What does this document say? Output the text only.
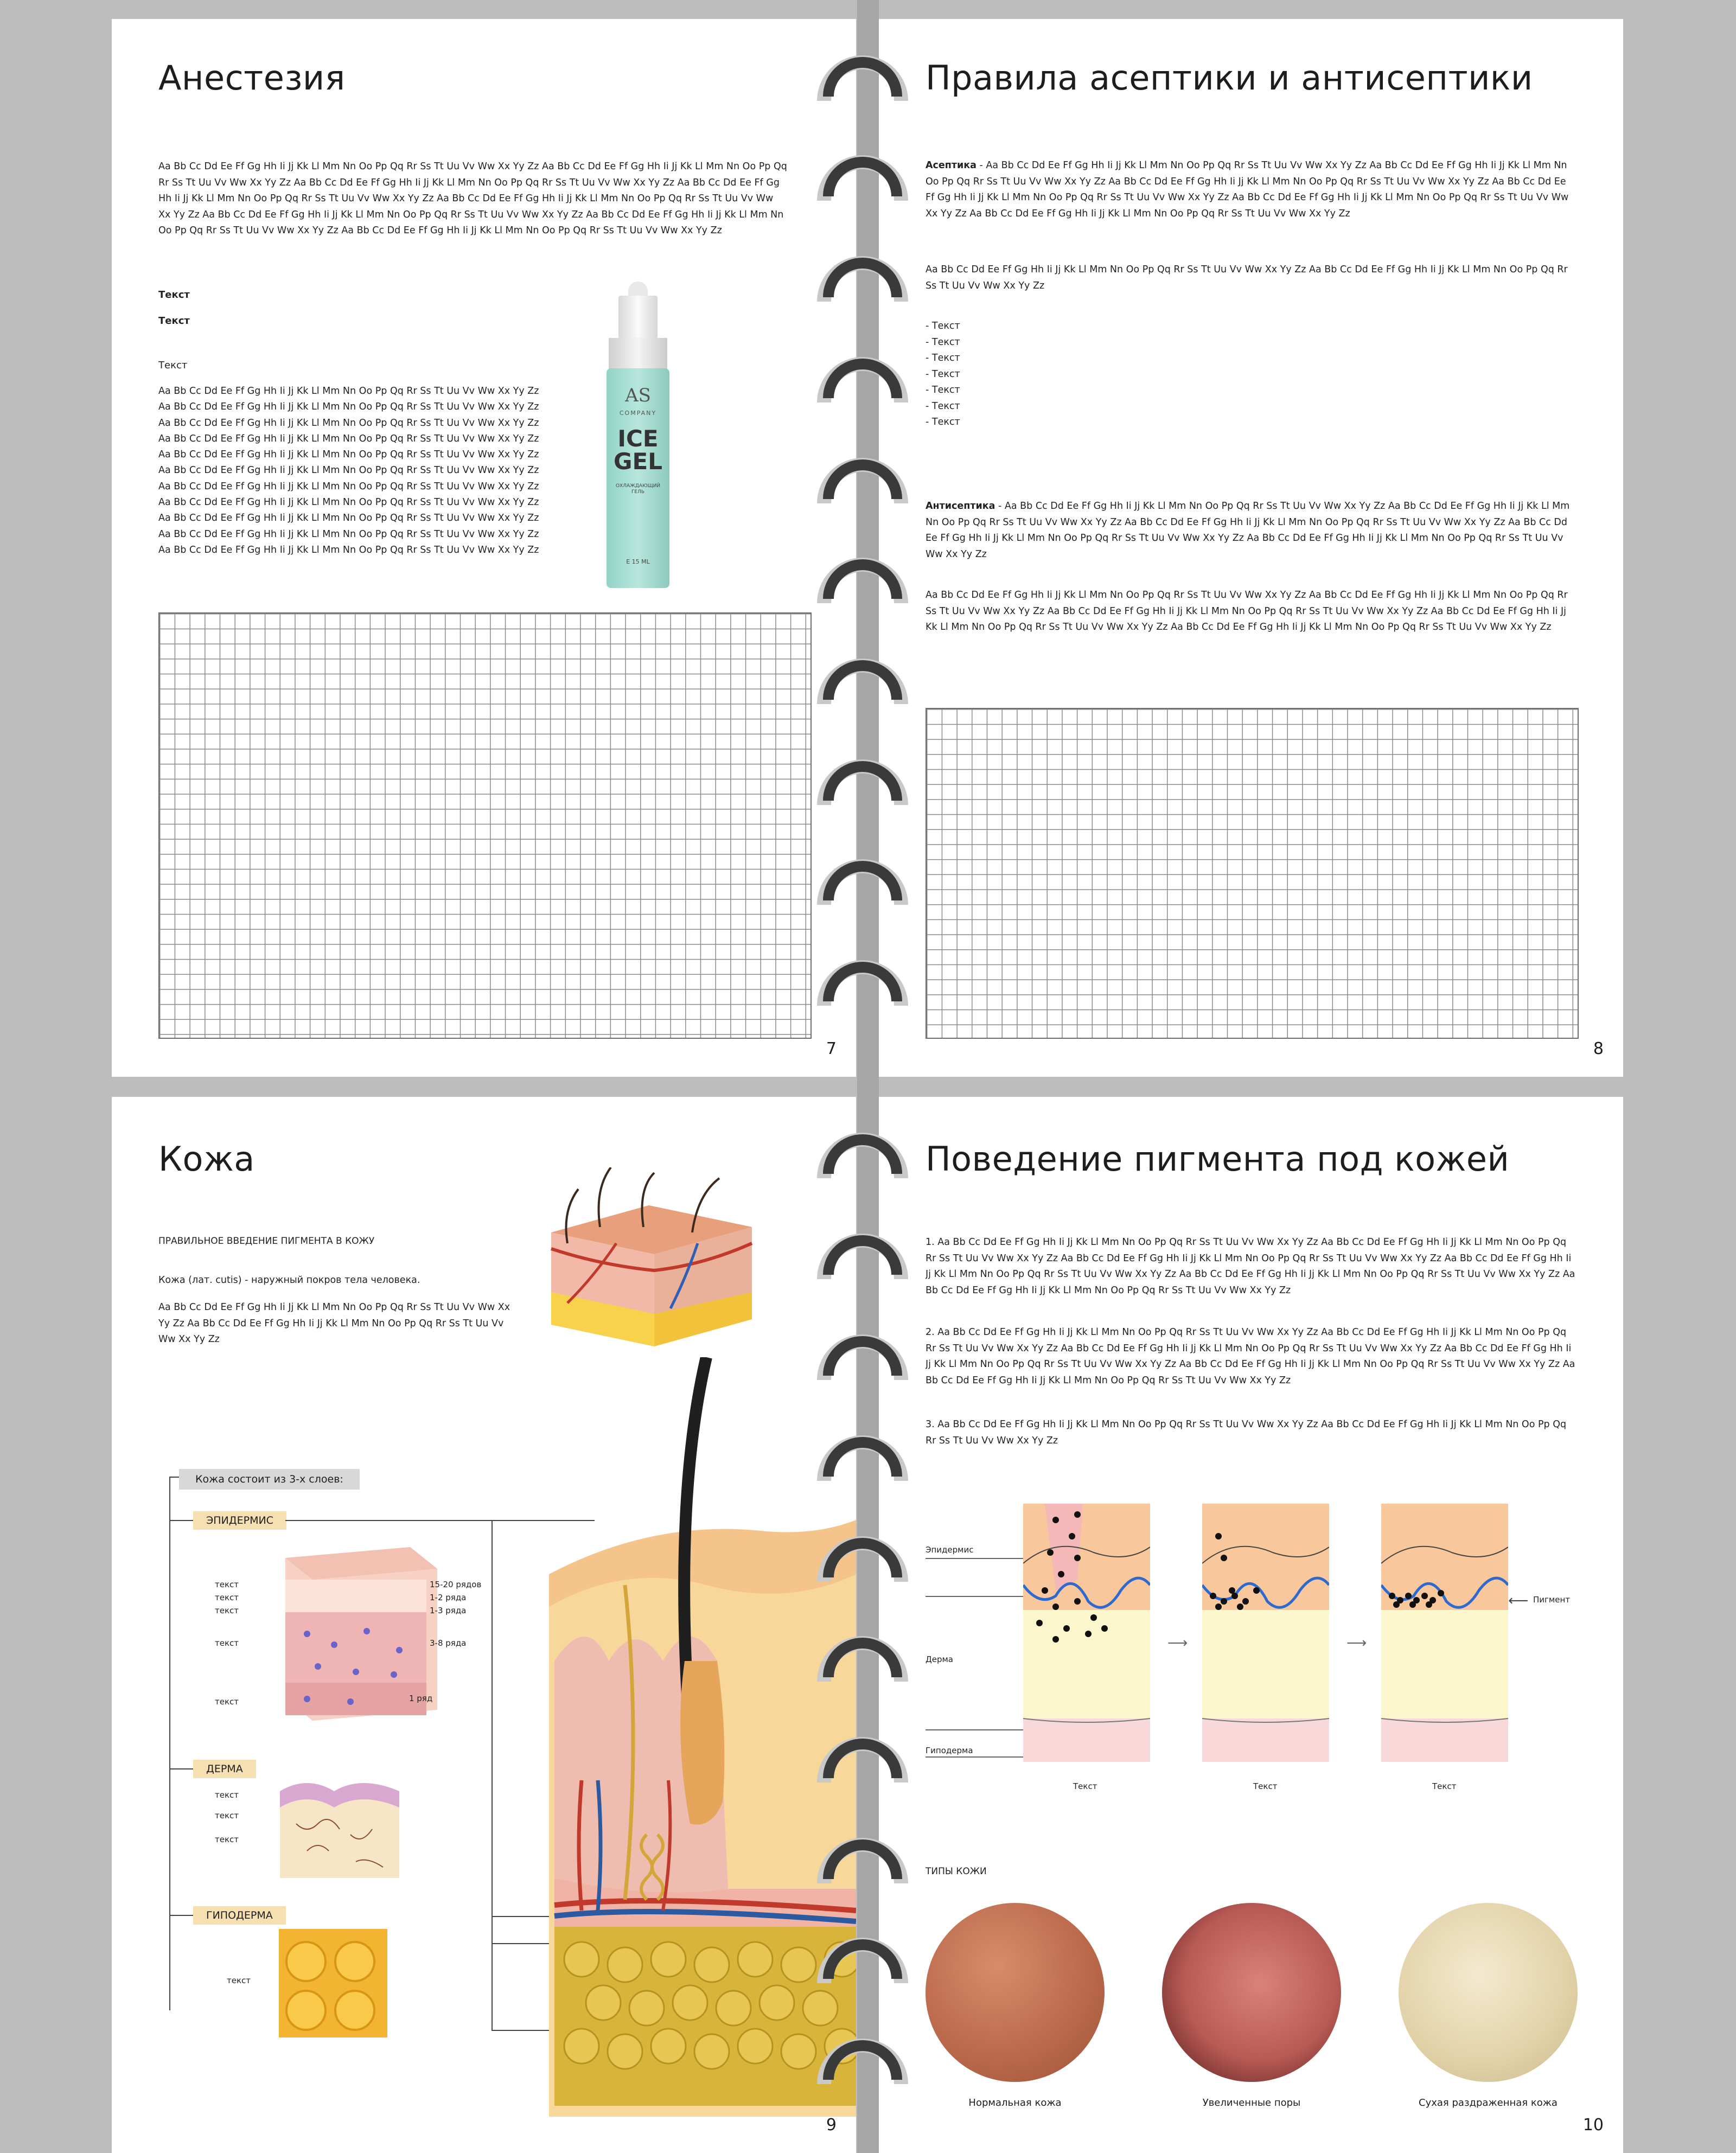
Анестезия
Aa Bb Cc Dd Ee Ff Gg Hh Ii Jj Kk Ll Mm Nn Oo Pp Qq Rr Ss Tt Uu Vv Ww Xx Yy Zz Aa Bb Cc Dd Ee Ff Gg Hh Ii Jj Kk Ll Mm Nn Oo Pp Qq Rr Ss Tt Uu Vv Ww Xx Yy Zz Aa Bb Cc Dd Ee Ff Gg Hh Ii Jj Kk Ll Mm Nn Oo Pp Qq Rr Ss Tt Uu Vv Ww Xx Yy Zz Aa Bb Cc Dd Ee Ff Gg Hh Ii Jj Kk Ll Mm Nn Oo Pp Qq Rr Ss Tt Uu Vv Ww Xx Yy Zz Aa Bb Cc Dd Ee Ff Gg Hh Ii Jj Kk Ll Mm Nn Oo Pp Qq Rr Ss Tt Uu Vv Ww Xx Yy Zz Aa Bb Cc Dd Ee Ff Gg Hh Ii Jj Kk Ll Mm Nn Oo Pp Qq Rr Ss Tt Uu Vv Ww Xx Yy Zz Aa Bb Cc Dd Ee Ff Gg Hh Ii Jj Kk Ll Mm Nn Oo Pp Qq Rr Ss Tt Uu Vv Ww Xx Yy Zz Aa Bb Cc Dd Ee Ff Gg Hh Ii Jj Kk Ll Mm Nn Oo Pp Qq Rr Ss Tt Uu Vv Ww Xx Yy Zz
Текст
Текст
Текст
Aa Bb Cc Dd Ee Ff Gg Hh Ii Jj Kk Ll Mm Nn Oo Pp Qq Rr Ss Tt Uu Vv Ww Xx Yy Zz
Aa Bb Cc Dd Ee Ff Gg Hh Ii Jj Kk Ll Mm Nn Oo Pp Qq Rr Ss Tt Uu Vv Ww Xx Yy Zz
Aa Bb Cc Dd Ee Ff Gg Hh Ii Jj Kk Ll Mm Nn Oo Pp Qq Rr Ss Tt Uu Vv Ww Xx Yy Zz
Aa Bb Cc Dd Ee Ff Gg Hh Ii Jj Kk Ll Mm Nn Oo Pp Qq Rr Ss Tt Uu Vv Ww Xx Yy Zz
Aa Bb Cc Dd Ee Ff Gg Hh Ii Jj Kk Ll Mm Nn Oo Pp Qq Rr Ss Tt Uu Vv Ww Xx Yy Zz
Aa Bb Cc Dd Ee Ff Gg Hh Ii Jj Kk Ll Mm Nn Oo Pp Qq Rr Ss Tt Uu Vv Ww Xx Yy Zz
Aa Bb Cc Dd Ee Ff Gg Hh Ii Jj Kk Ll Mm Nn Oo Pp Qq Rr Ss Tt Uu Vv Ww Xx Yy Zz
Aa Bb Cc Dd Ee Ff Gg Hh Ii Jj Kk Ll Mm Nn Oo Pp Qq Rr Ss Tt Uu Vv Ww Xx Yy Zz
Aa Bb Cc Dd Ee Ff Gg Hh Ii Jj Kk Ll Mm Nn Oo Pp Qq Rr Ss Tt Uu Vv Ww Xx Yy Zz
Aa Bb Cc Dd Ee Ff Gg Hh Ii Jj Kk Ll Mm Nn Oo Pp Qq Rr Ss Tt Uu Vv Ww Xx Yy Zz
Aa Bb Cc Dd Ee Ff Gg Hh Ii Jj Kk Ll Mm Nn Oo Pp Qq Rr Ss Tt Uu Vv Ww Xx Yy Zz
AS
COMPANY
ICE
GEL
ОХЛАЖДАЮЩИЙ ГЕЛЬ
Е 15 ML
7
Правила асептики и антисептики
Асептика - Aa Bb Cc Dd Ee Ff Gg Hh Ii Jj Kk Ll Mm Nn Oo Pp Qq Rr Ss Tt Uu Vv Ww Xx Yy Zz Aa Bb Cc Dd Ee Ff Gg Hh Ii Jj Kk Ll Mm Nn Oo Pp Qq Rr Ss Tt Uu Vv Ww Xx Yy Zz Aa Bb Cc Dd Ee Ff Gg Hh Ii Jj Kk Ll Mm Nn Oo Pp Qq Rr Ss Tt Uu Vv Ww Xx Yy Zz Aa Bb Cc Dd Ee Ff Gg Hh Ii Jj Kk Ll Mm Nn Oo Pp Qq Rr Ss Tt Uu Vv Ww Xx Yy Zz Aa Bb Cc Dd Ee Ff Gg Hh Ii Jj Kk Ll Mm Nn Oo Pp Qq Rr Ss Tt Uu Vv Ww Xx Yy Zz Aa Bb Cc Dd Ee Ff Gg Hh Ii Jj Kk Ll Mm Nn Oo Pp Qq Rr Ss Tt Uu Vv Ww Xx Yy Zz
Aa Bb Cc Dd Ee Ff Gg Hh Ii Jj Kk Ll Mm Nn Oo Pp Qq Rr Ss Tt Uu Vv Ww Xx Yy Zz Aa Bb Cc Dd Ee Ff Gg Hh Ii Jj Kk Ll Mm Nn Oo Pp Qq Rr Ss Tt Uu Vv Ww Xx Yy Zz
- Текст
- Текст
- Текст
- Текст
- Текст
- Текст
- Текст
Антисептика - Aa Bb Cc Dd Ee Ff Gg Hh Ii Jj Kk Ll Mm Nn Oo Pp Qq Rr Ss Tt Uu Vv Ww Xx Yy Zz Aa Bb Cc Dd Ee Ff Gg Hh Ii Jj Kk Ll Mm Nn Oo Pp Qq Rr Ss Tt Uu Vv Ww Xx Yy Zz Aa Bb Cc Dd Ee Ff Gg Hh Ii Jj Kk Ll Mm Nn Oo Pp Qq Rr Ss Tt Uu Vv Ww Xx Yy Zz Aa Bb Cc Dd Ee Ff Gg Hh Ii Jj Kk Ll Mm Nn Oo Pp Qq Rr Ss Tt Uu Vv Ww Xx Yy Zz Aa Bb Cc Dd Ee Ff Gg Hh Ii Jj Kk Ll Mm Nn Oo Pp Qq Rr Ss Tt Uu Vv Ww Xx Yy Zz
Aa Bb Cc Dd Ee Ff Gg Hh Ii Jj Kk Ll Mm Nn Oo Pp Qq Rr Ss Tt Uu Vv Ww Xx Yy Zz Aa Bb Cc Dd Ee Ff Gg Hh Ii Jj Kk Ll Mm Nn Oo Pp Qq Rr Ss Tt Uu Vv Ww Xx Yy Zz Aa Bb Cc Dd Ee Ff Gg Hh Ii Jj Kk Ll Mm Nn Oo Pp Qq Rr Ss Tt Uu Vv Ww Xx Yy Zz Aa Bb Cc Dd Ee Ff Gg Hh Ii Jj Kk Ll Mm Nn Oo Pp Qq Rr Ss Tt Uu Vv Ww Xx Yy Zz Aa Bb Cc Dd Ee Ff Gg Hh Ii Jj Kk Ll Mm Nn Oo Pp Qq Rr Ss Tt Uu Vv Ww Xx Yy Zz
8
Кожа
ПРАВИЛЬНОЕ ВВЕДЕНИЕ ПИГМЕНТА В КОЖУ
Кожа (лат. cutis) - наружный покров тела человека.
Aa Bb Cc Dd Ee Ff Gg Hh Ii Jj Kk Ll Mm Nn Oo Pp Qq Rr Ss Tt Uu Vv Ww Xx Yy Zz Aa Bb Cc Dd Ee Ff Gg Hh Ii Jj Kk Ll Mm Nn Oo Pp Qq Rr Ss Tt Uu Vv Ww Xx Yy Zz
Кожа состоит из 3-х слоев:
ЭПИДЕРМИС
ДЕРМА
ГИПОДЕРМА
текст
текст
текст
текст
текст
15-20 рядов
1-2 ряда
1-3 ряда
3-8 ряда
1 ряд
текст
текст
текст
текст
9
Поведение пигмента под кожей
1. Aa Bb Cc Dd Ee Ff Gg Hh Ii Jj Kk Ll Mm Nn Oo Pp Qq Rr Ss Tt Uu Vv Ww Xx Yy Zz Aa Bb Cc Dd Ee Ff Gg Hh Ii Jj Kk Ll Mm Nn Oo Pp Qq Rr Ss Tt Uu Vv Ww Xx Yy Zz Aa Bb Cc Dd Ee Ff Gg Hh Ii Jj Kk Ll Mm Nn Oo Pp Qq Rr Ss Tt Uu Vv Ww Xx Yy Zz Aa Bb Cc Dd Ee Ff Gg Hh Ii Jj Kk Ll Mm Nn Oo Pp Qq Rr Ss Tt Uu Vv Ww Xx Yy Zz Aa Bb Cc Dd Ee Ff Gg Hh Ii Jj Kk Ll Mm Nn Oo Pp Qq Rr Ss Tt Uu Vv Ww Xx Yy Zz Aa Bb Cc Dd Ee Ff Gg Hh Ii Jj Kk Ll Mm Nn Oo Pp Qq Rr Ss Tt Uu Vv Ww Xx Yy Zz
2. Aa Bb Cc Dd Ee Ff Gg Hh Ii Jj Kk Ll Mm Nn Oo Pp Qq Rr Ss Tt Uu Vv Ww Xx Yy Zz Aa Bb Cc Dd Ee Ff Gg Hh Ii Jj Kk Ll Mm Nn Oo Pp Qq Rr Ss Tt Uu Vv Ww Xx Yy Zz Aa Bb Cc Dd Ee Ff Gg Hh Ii Jj Kk Ll Mm Nn Oo Pp Qq Rr Ss Tt Uu Vv Ww Xx Yy Zz Aa Bb Cc Dd Ee Ff Gg Hh Ii Jj Kk Ll Mm Nn Oo Pp Qq Rr Ss Tt Uu Vv Ww Xx Yy Zz Aa Bb Cc Dd Ee Ff Gg Hh Ii Jj Kk Ll Mm Nn Oo Pp Qq Rr Ss Tt Uu Vv Ww Xx Yy Zz Aa Bb Cc Dd Ee Ff Gg Hh Ii Jj Kk Ll Mm Nn Oo Pp Qq Rr Ss Tt Uu Vv Ww Xx Yy Zz
3. Aa Bb Cc Dd Ee Ff Gg Hh Ii Jj Kk Ll Mm Nn Oo Pp Qq Rr Ss Tt Uu Vv Ww Xx Yy Zz Aa Bb Cc Dd Ee Ff Gg Hh Ii Jj Kk Ll Mm Nn Oo Pp Qq Rr Ss Tt Uu Vv Ww Xx Yy Zz
Эпидермис
Дерма
Гиподерма
⟶	⟶
⟵ Пигмент
Текст	Текст	Текст
ТИПЫ КОЖИ
Нормальная кожа	Увеличенные поры	Сухая раздраженная кожа
10
